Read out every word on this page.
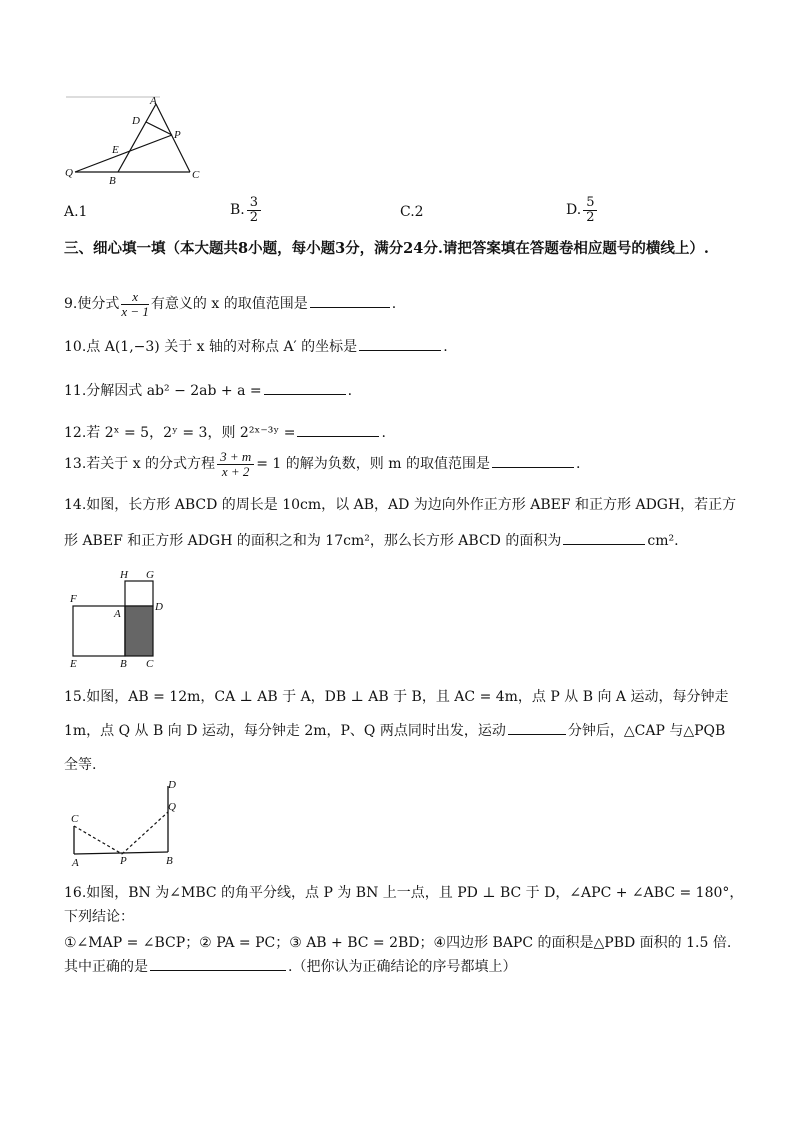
A
D
P
E
Q
B	C
A.1	B. $\frac{3}{2}$	C.2	D. $\frac{5}{2}$
三、细心填一填（本大题共8小题，每小题3分，满分24分.请把答案填在答题卷相应题号的横线上）.
9.使分式 $\frac{x}{x - 1}$ 有意义的 x 的取值范围是	.
10.点 A(1,−3) 关于 x 轴的对称点 A′ 的坐标是	.
11.分解因式 ab² − 2ab + a =	.
12.若 2ˣ = 5，2ʸ = 3，则 2²ˣ⁻³ʸ =	.
13.若关于 x 的分式方程 $\frac{3 + m}{x + 2} = 1$ 的解为负数，则 m 的取值范围是	.
14.如图，长方形 ABCD 的周长是 10cm，以 AB，AD 为边向外作正方形 ABEF 和正方形 ADGH，若正方
形 ABEF 和正方形 ADGH 的面积之和为 17cm²，那么长方形 ABCD 的面积为	cm².
H G
F
A
D
E	B C
15.如图，AB = 12m，CA ⊥ AB 于 A，DB ⊥ AB 于 B，且 AC = 4m，点 P 从 B 向 A 运动，每分钟走
1m，点 Q 从 B 向 D 运动，每分钟走 2m，P、Q 两点同时出发，运动	分钟后，△CAP 与△PQB
全等.
D
Q
C
A	P	B
16.如图，BN 为∠MBC 的角平分线，点 P 为 BN 上一点，且 PD ⊥ BC 于 D，∠APC + ∠ABC = 180°，
下列结论：
①∠MAP = ∠BCP；② PA = PC；③ AB + BC = 2BD；④四边形 BAPC 的面积是△PBD 面积的 1.5 倍.
其中正确的是	.（把你认为正确结论的序号都填上）
